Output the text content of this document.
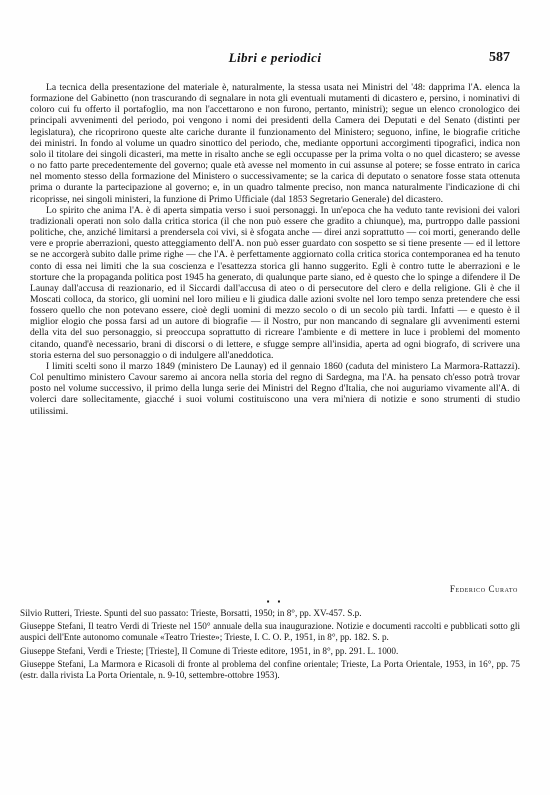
Libri e periodici	587

La tecnica della presentazione del materiale è, naturalmente, la stessa usata nei Ministri del '48: dapprima l'A. elenca la formazione del Gabinetto (non trascurando di segnalare in nota gli eventuali mutamenti di dicastero e, persino, i nominativi di coloro cui fu offerto il portafoglio, ma non l'accettarono e non furono, pertanto, ministri); segue un elenco cronologico dei principali avvenimenti del periodo, poi vengono i nomi dei presidenti della Camera dei Deputati e del Senato (distinti per legislatura), che ricoprirono queste alte cariche durante il funzionamento del Ministero; seguono, infine, le biografie critiche dei ministri. In fondo al volume un quadro sinottico del periodo, che, mediante opportuni accorgimenti tipografici, indica non solo il titolare dei singoli dicasteri, ma mette in risalto anche se egli occupasse per la prima volta o no quel dicastero; se avesse o no fatto parte precedentemente del governo; quale età avesse nel momento in cui assunse al potere; se fosse entrato in carica nel momento stesso della formazione del Ministero o successivamente; se la carica di deputato o senatore fosse stata ottenuta prima o durante la partecipazione al governo; e, in un quadro talmente preciso, non manca naturalmente l'indicazione di chi ricoprisse, nei singoli ministeri, la funzione di Primo Ufficiale (dal 1853 Segretario Generale) del dicastero.

Lo spirito che anima l'A. è di aperta simpatia verso i suoi personaggi. In un'epoca che ha veduto tante revisioni dei valori tradizionali operati non solo dalla critica storica (il che non può essere che gradito a chiunque), ma, purtroppo dalle passioni politiche, che, anziché limitarsi a prendersela coi vivi, si è sfogata anche — direi anzi soprattutto — coi morti, generando delle vere e proprie aberrazioni, questo atteggiamento dell'A. non può esser guardato con sospetto se si tiene presente — ed il lettore se ne accorgerà subito dalle prime righe — che l'A. è perfettamente aggiornato colla critica storica contemporanea ed ha tenuto conto di essa nei limiti che la sua coscienza e l'esattezza storica gli hanno suggerito. Egli è contro tutte le aberrazioni e le storture che la propaganda politica post 1945 ha generato, di qualunque parte siano, ed è questo che lo spinge a difendere il De Launay dall'accusa di reazionario, ed il Siccardi dall'accusa di ateo o di persecutore del clero e della religione. Gli è che il Moscati colloca, da storico, gli uomini nel loro milieu e li giudica dalle azioni svolte nel loro tempo senza pretendere che essi fossero quello che non potevano essere, cioè degli uomini di mezzo secolo o di un secolo più tardi. Infatti — e questo è il miglior elogio che possa farsi ad un autore di biografie — il Nostro, pur non mancando di segnalare gli avvenimenti esterni della vita del suo personaggio, si preoccupa soprattutto di ricreare l'ambiente e di mettere in luce i problemi del momento citando, quand'è necessario, brani di discorsi o di lettere, e sfugge sempre all'insidia, aperta ad ogni biografo, di scrivere una storia esterna del suo personaggio o di indulgere all'aneddotica.

I limiti scelti sono il marzo 1849 (ministero De Launay) ed il gennaio 1860 (caduta del ministero La Marmora-Rattazzi). Col penultimo ministero Cavour saremo ai ancora nella storia del regno di Sardegna, ma l'A. ha pensato ch'esso potrà trovar posto nel volume successivo, il primo della lunga serie dei Ministri del Regno d'Italia, che noi auguriamo vivamente all'A. di volerci dare sollecitamente, giacché i suoi volumi costituiscono una vera mi'niera di notizie e sono strumenti di studio utilissimi.

Federico Curato
▪ ▪

Silvio Rutteri, Trieste. Spunti del suo passato: Trieste, Borsatti, 1950; in 8°, pp. XV-457. S.p.

Giuseppe Stefani, Il teatro Verdi di Trieste nel 150° annuale della sua inaugurazione. Notizie e documenti raccolti e pubblicati sotto gli auspici dell'Ente autonomo comunale «Teatro Trieste»; Trieste, I. C. O. P., 1951, in 8°, pp. 182. S. p.

Giuseppe Stefani, Verdi e Trieste; [Trieste], Il Comune di Trieste editore, 1951, in 8°, pp. 291. L. 1000.

Giuseppe Stefani, La Marmora e Ricasoli di fronte al problema del confine orientale; Trieste, La Porta Orientale, 1953, in 16°, pp. 75 (estr. dalla rivista La Porta Orientale, n. 9-10, settembre-ottobre 1953).
